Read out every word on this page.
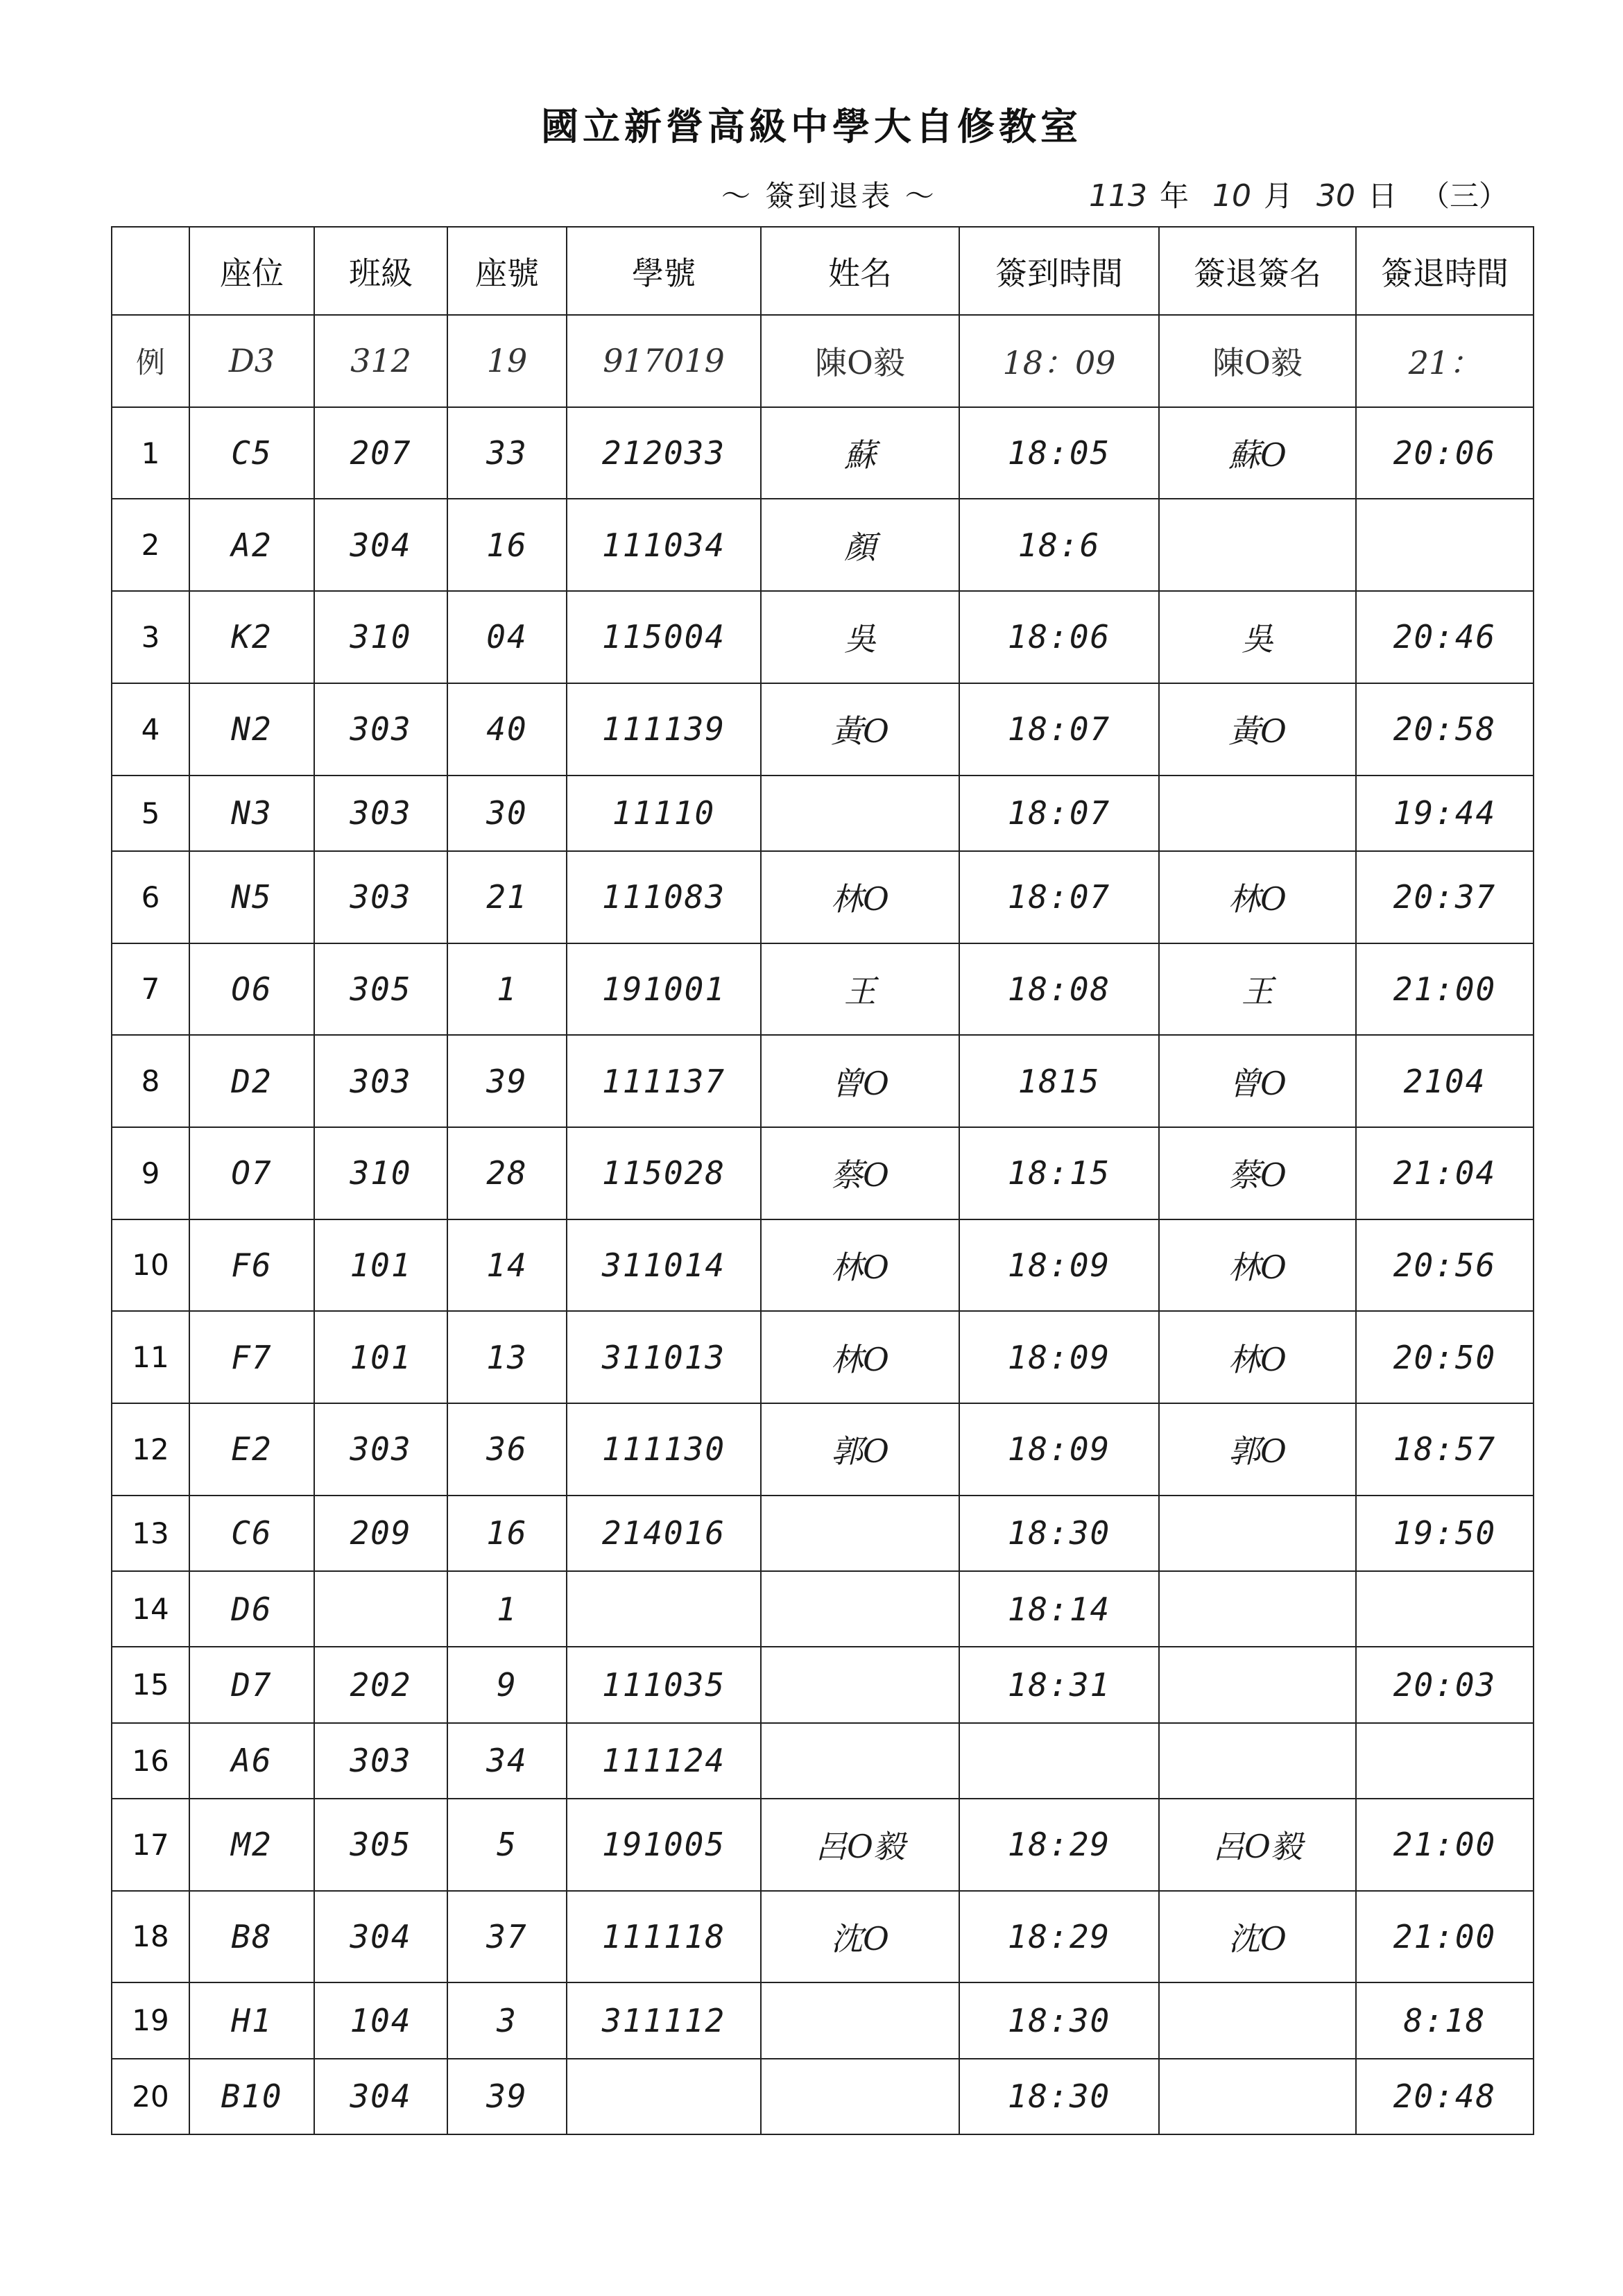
國立新營高級中學大自修教室
～ 簽到退表 ～	113 年 10 月 30 日 （三）
	座位	班級	座號	學號	姓名	簽到時間	簽退簽名	簽退時間
例	D3	312	19	917019	陳O毅	18：09	陳O毅	21：
1	C5	207	33	212033	蘇	18:05	蘇O	20:06
2	A2	304	16	111034	顏	18:6		
3	K2	310	04	115004	吳	18:06	吳	20:46
4	N2	303	40	111139	黃O	18:07	黃O	20:58
5	N3	303	30	11110		18:07		19:44
6	N5	303	21	111083	林O	18:07	林O	20:37
7	O6	305	1	191001	王	18:08	王	21:00
8	D2	303	39	111137	曾O	1815	曾O	2104
9	O7	310	28	115028	蔡O	18:15	蔡O	21:04
10	F6	101	14	311014	林O	18:09	林O	20:56
11	F7	101	13	311013	林O	18:09	林O	20:50
12	E2	303	36	111130	郭O	18:09	郭O	18:57
13	C6	209	16	214016		18:30		19:50
14	D6		1			18:14		
15	D7	202	9	111035		18:31		20:03
16	A6	303	34	111124				
17	M2	305	5	191005	呂O毅	18:29	呂O毅	21:00
18	B8	304	37	111118	沈O	18:29	沈O	21:00
19	H1	104	3	311112		18:30		8:18
20	B10	304	39			18:30		20:48
